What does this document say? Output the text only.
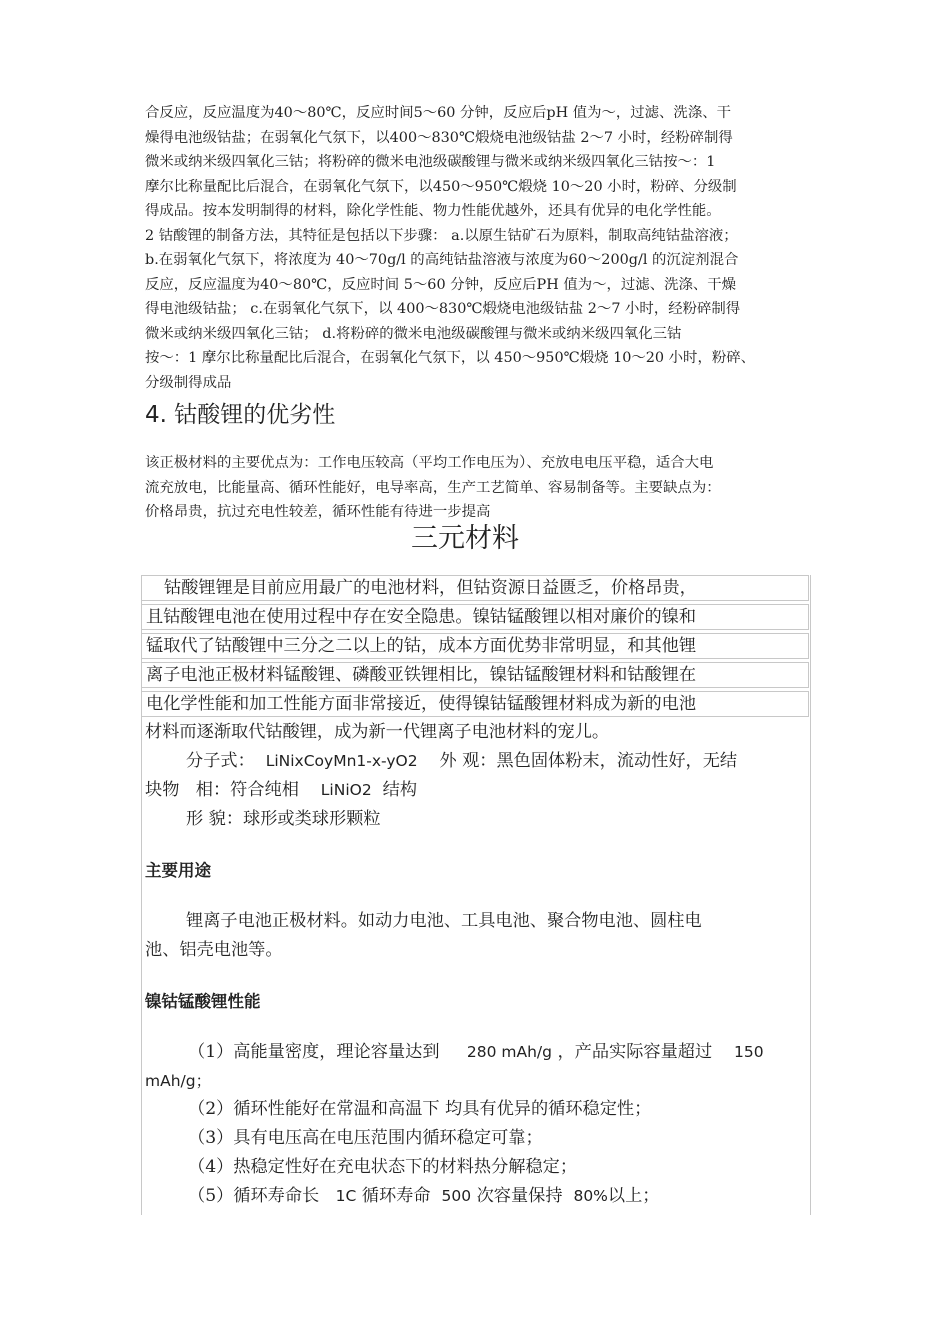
合反应，反应温度为40～80℃，反应时间5～60 分钟，反应后pH 值为～，过滤、洗涤、干
燥得电池级钴盐；在弱氧化气氛下，以400～830℃煅烧电池级钴盐 2～7 小时，经粉碎制得
微米或纳米级四氧化三钴；将粉碎的微米电池级碳酸锂与微米或纳米级四氧化三钴按～：1
摩尔比称量配比后混合，在弱氧化气氛下，以450～950℃煅烧 10～20 小时，粉碎、分级制
得成品。按本发明制得的材料，除化学性能、物力性能优越外，还具有优异的电化学性能。
2 钴酸锂的制备方法，其特征是包括以下步骤： a.以原生钴矿石为原料，制取高纯钴盐溶液；
b.在弱氧化气氛下，将浓度为 40～70g/l 的高纯钴盐溶液与浓度为60～200g/l 的沉淀剂混合
反应，反应温度为40～80℃，反应时间 5～60 分钟，反应后PH 值为～，过滤、洗涤、干燥
得电池级钴盐； c.在弱氧化气氛下，以 400～830℃煅烧电池级钴盐 2～7 小时，经粉碎制得
微米或纳米级四氧化三钴； d.将粉碎的微米电池级碳酸锂与微米或纳米级四氧化三钴
按～：1 摩尔比称量配比后混合，在弱氧化气氛下，以 450～950℃煅烧 10～20 小时，粉碎、
分级制得成品

4. 钴酸锂的优劣性

该正极材料的主要优点为：工作电压较高（平均工作电压为）、充放电电压平稳，适合大电
流充放电，比能量高、循环性能好，电导率高，生产工艺简单、容易制备等。主要缺点为：
价格昂贵，抗过充电性较差，循环性能有待进一步提高

三元材料
钴酸锂锂是目前应用最广的电池材料，但钴资源日益匮乏，价格昂贵，
且钴酸锂电池在使用过程中存在安全隐患。镍钴锰酸锂以相对廉价的镍和
锰取代了钴酸锂中三分之二以上的钴，成本方面优势非常明显，和其他锂
离子电池正极材料锰酸锂、磷酸亚铁锂相比，镍钴锰酸锂材料和钴酸锂在
电化学性能和加工性能方面非常接近，使得镍钴锰酸锂材料成为新的电池
材料而逐渐取代钴酸锂，成为新一代锂离子电池材料的宠儿。
分子式： LiNixCoyMn1-x-yO2 外 观：黑色固体粉末，流动性好，无结
块物 相：符合纯相 LiNiO2 结构
形 貌：球形或类球形颗粒
主要用途
锂离子电池正极材料。如动力电池、工具电池、聚合物电池、圆柱电
池、铝壳电池等。
镍钴锰酸锂性能
（1）高能量密度，理论容量达到 280 mAh/g ，产品实际容量超过 150
mAh/g；
（2）循环性能好在常温和高温下 均具有优异的循环稳定性；
（3）具有电压高在电压范围内循环稳定可靠；
（4）热稳定性好在充电状态下的材料热分解稳定；
（5）循环寿命长 1C 循环寿命 500 次容量保持 80%以上；
